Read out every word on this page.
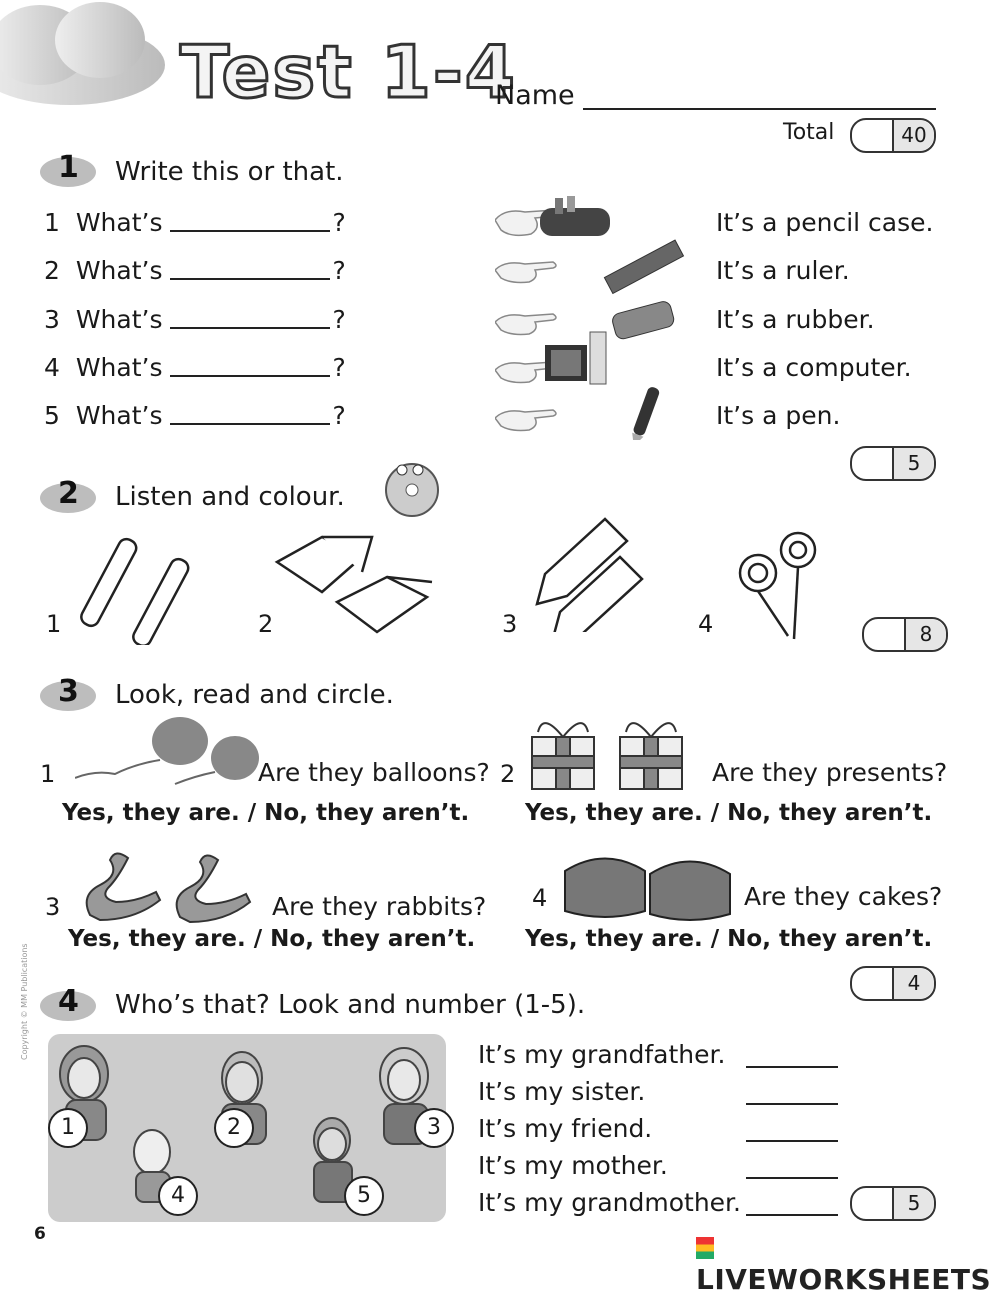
Test 1-4
Name
Total	40
1 Write this or that.
1 What’s	?
2 What’s	?
3 What’s	?
4 What’s	?
5 What’s	?
It’s a pencil case.
It’s a ruler.
It’s a rubber.
It’s a computer.
It’s a pen.
5
2 Listen and colour.
1	2	3	4	8
3 Look, read and circle.
1	Are they balloons?
Yes, they are. / No, they aren’t.
2	Are they presents?
Yes, they are. / No, they aren’t.
3	Are they rabbits?
Yes, they are. / No, they aren’t.
4	Are they cakes?
Yes, they are. / No, they aren’t.
4
4 Who’s that? Look and number (1-5).
1	2	3
4	5
It’s my grandfather.
It’s my sister.
It’s my friend.
It’s my mother.
It’s my grandmother.	5
Copyright © MM Publications
6
LIVEWORKSHEETS
